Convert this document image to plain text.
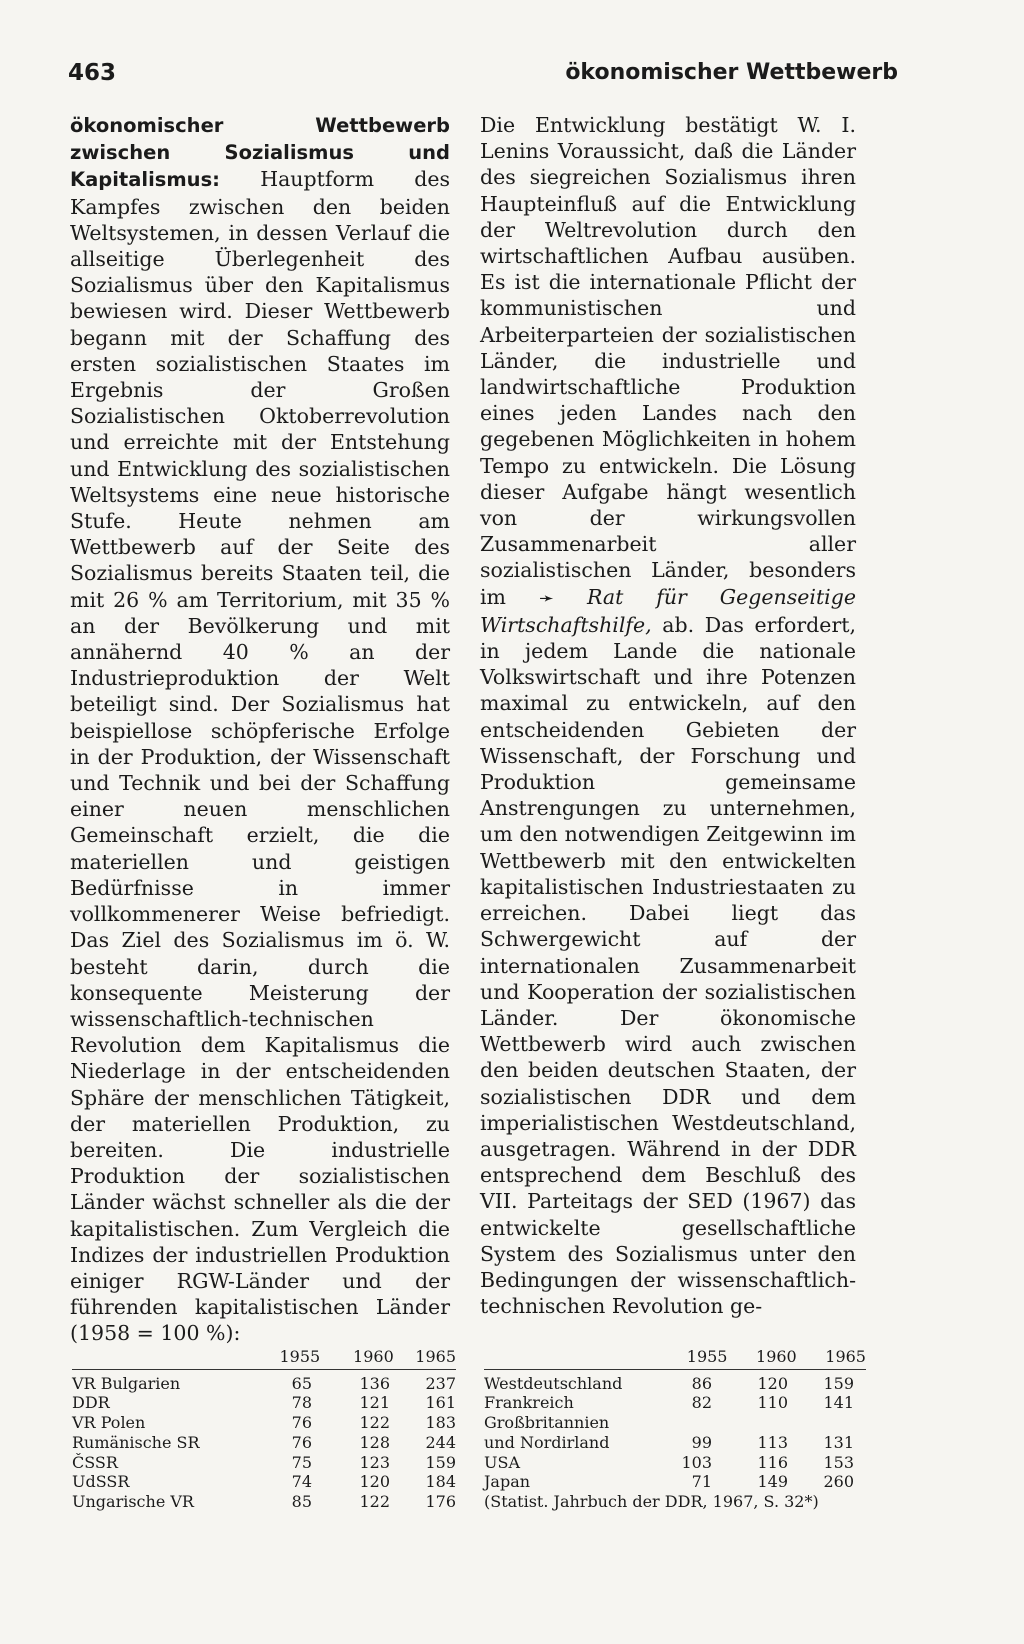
463	ökonomischer Wettbewerb

ökonomischer Wettbewerb zwischen Sozialismus und Kapitalismus: Hauptform des Kampfes zwischen den beiden Weltsystemen, in dessen Verlauf die allseitige Überlegenheit des Sozialismus über den Kapitalismus bewiesen wird. Dieser Wettbewerb begann mit der Schaffung des ersten sozialistischen Staates im Ergebnis der Großen Sozialistischen Oktoberrevolution und erreichte mit der Entstehung und Entwicklung des sozialistischen Weltsystems eine neue historische Stufe. Heute nehmen am Wettbewerb auf der Seite des Sozialismus bereits Staaten teil, die mit 26 % am Territorium, mit 35 % an der Bevölkerung und mit annähernd 40 % an der Industrieproduktion der Welt beteiligt sind. Der Sozialismus hat beispiellose schöpferische Erfolge in der Produktion, der Wissenschaft und Technik und bei der Schaffung einer neuen menschlichen Gemeinschaft erzielt, die die materiellen und geistigen Bedürfnisse in immer vollkommenerer Weise befriedigt. Das Ziel des Sozialismus im ö. W. besteht darin, durch die konsequente Meisterung der wissenschaftlich-technischen Revolution dem Kapitalismus die Niederlage in der entscheidenden Sphäre der menschlichen Tätigkeit, der materiellen Produktion, zu bereiten. Die industrielle Produktion der sozialistischen Länder wächst schneller als die der kapitalistischen. Zum Vergleich die Indizes der industriellen Produktion einiger RGW-Länder und der führenden kapitalistischen Länder (1958 = 100 %):

Die Entwicklung bestätigt W. I. Lenins Voraussicht, daß die Länder des siegreichen Sozialismus ihren Haupteinfluß auf die Entwicklung der Weltrevolution durch den wirtschaftlichen Aufbau ausüben. Es ist die internationale Pflicht der kommunistischen und Arbeiterparteien der sozialistischen Länder, die industrielle und landwirtschaftliche Produktion eines jeden Landes nach den gegebenen Möglichkeiten in hohem Tempo zu entwickeln. Die Lösung dieser Aufgabe hängt wesentlich von der wirkungsvollen Zusammenarbeit aller sozialistischen Länder, besonders im ➛ Rat für Gegenseitige Wirtschaftshilfe, ab. Das erfordert, in jedem Lande die nationale Volkswirtschaft und ihre Potenzen maximal zu entwickeln, auf den entscheidenden Gebieten der Wissenschaft, der Forschung und Produktion gemeinsame Anstrengungen zu unternehmen, um den notwendigen Zeitgewinn im Wettbewerb mit den entwickelten kapitalistischen Industriestaaten zu erreichen. Dabei liegt das Schwergewicht auf der internationalen Zusammenarbeit und Kooperation der sozialistischen Länder. Der ökonomische Wettbewerb wird auch zwischen den beiden deutschen Staaten, der sozialistischen DDR und dem imperialistischen Westdeutschland, ausgetragen. Während in der DDR entsprechend dem Beschluß des VII. Parteitags der SED (1967) das entwickelte gesellschaftliche System des Sozialismus unter den Bedingungen der wissenschaftlich-technischen Revolution ge-

1955	1960	1965
VR Bulgarien	65	136	237
DDR	78	121	161
VR Polen	76	122	183
Rumänische SR	76	128	244
ČSSR	75	123	159
UdSSR	74	120	184
Ungarische VR	85	122	176
1955	1960	1965
Westdeutschland	86	120	159
Frankreich	82	110	141
Großbritannien
und Nordirland	99	113	131
USA	103	116	153
Japan	71	149	260
(Statist. Jahrbuch der DDR, 1967, S. 32*)
